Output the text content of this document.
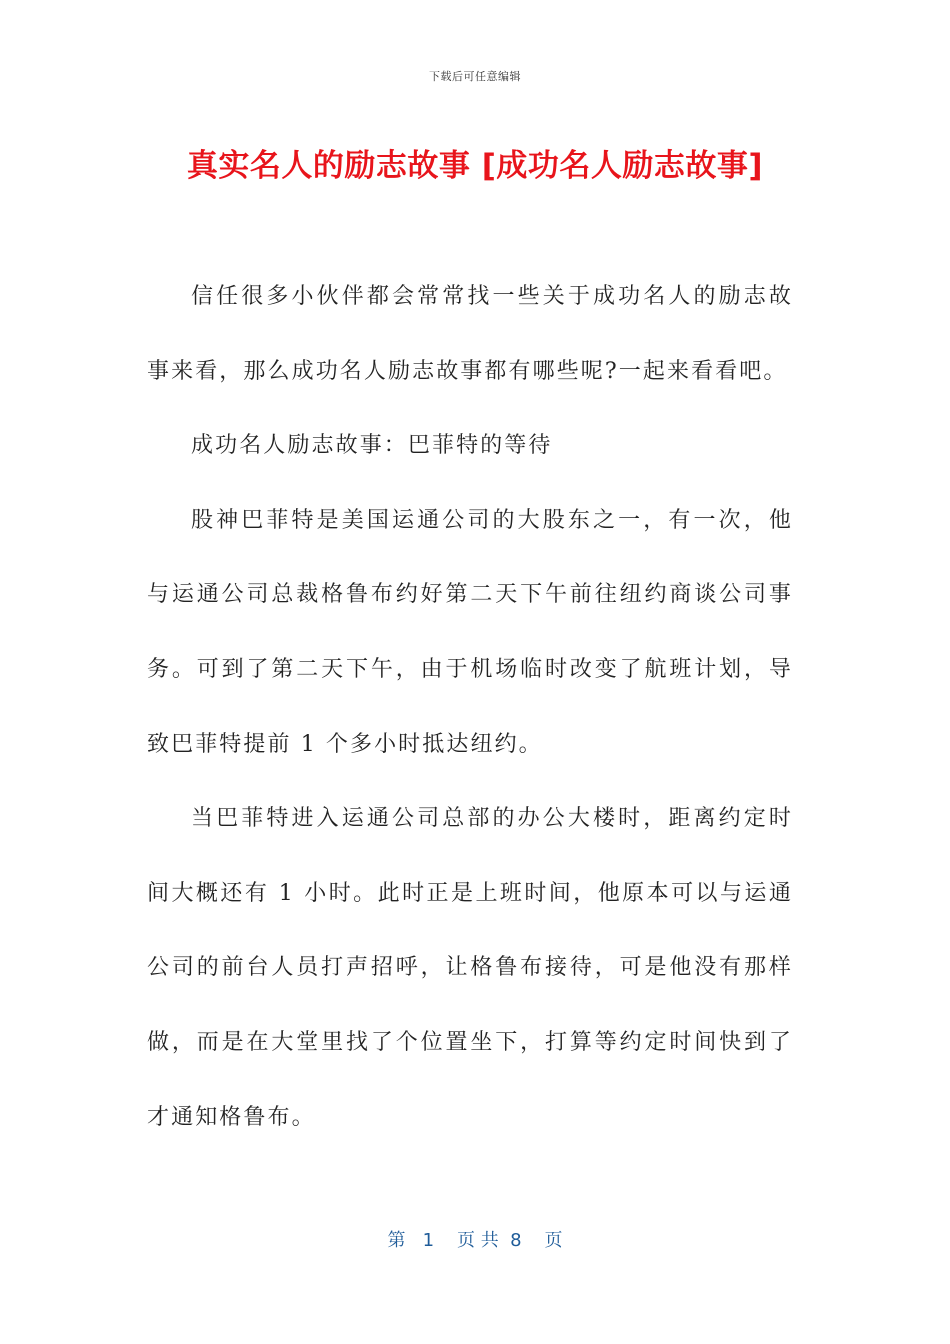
下载后可任意编辑
真实名人的励志故事 [成功名人励志故事]

信任很多小伙伴都会常常找一些关于成功名人的励志故事来看，那么成功名人励志故事都有哪些呢?一起来看看吧。

成功名人励志故事：巴菲特的等待

股神巴菲特是美国运通公司的大股东之一，有一次，他与运通公司总裁格鲁布约好第二天下午前往纽约商谈公司事务。可到了第二天下午，由于机场临时改变了航班计划，导致巴菲特提前 1 个多小时抵达纽约。

当巴菲特进入运通公司总部的办公大楼时，距离约定时间大概还有 1 小时。此时正是上班时间，他原本可以与运通公司的前台人员打声招呼，让格鲁布接待，可是他没有那样做，而是在大堂里找了个位置坐下，打算等约定时间快到了才通知格鲁布。

第   1    页 共  8    页
